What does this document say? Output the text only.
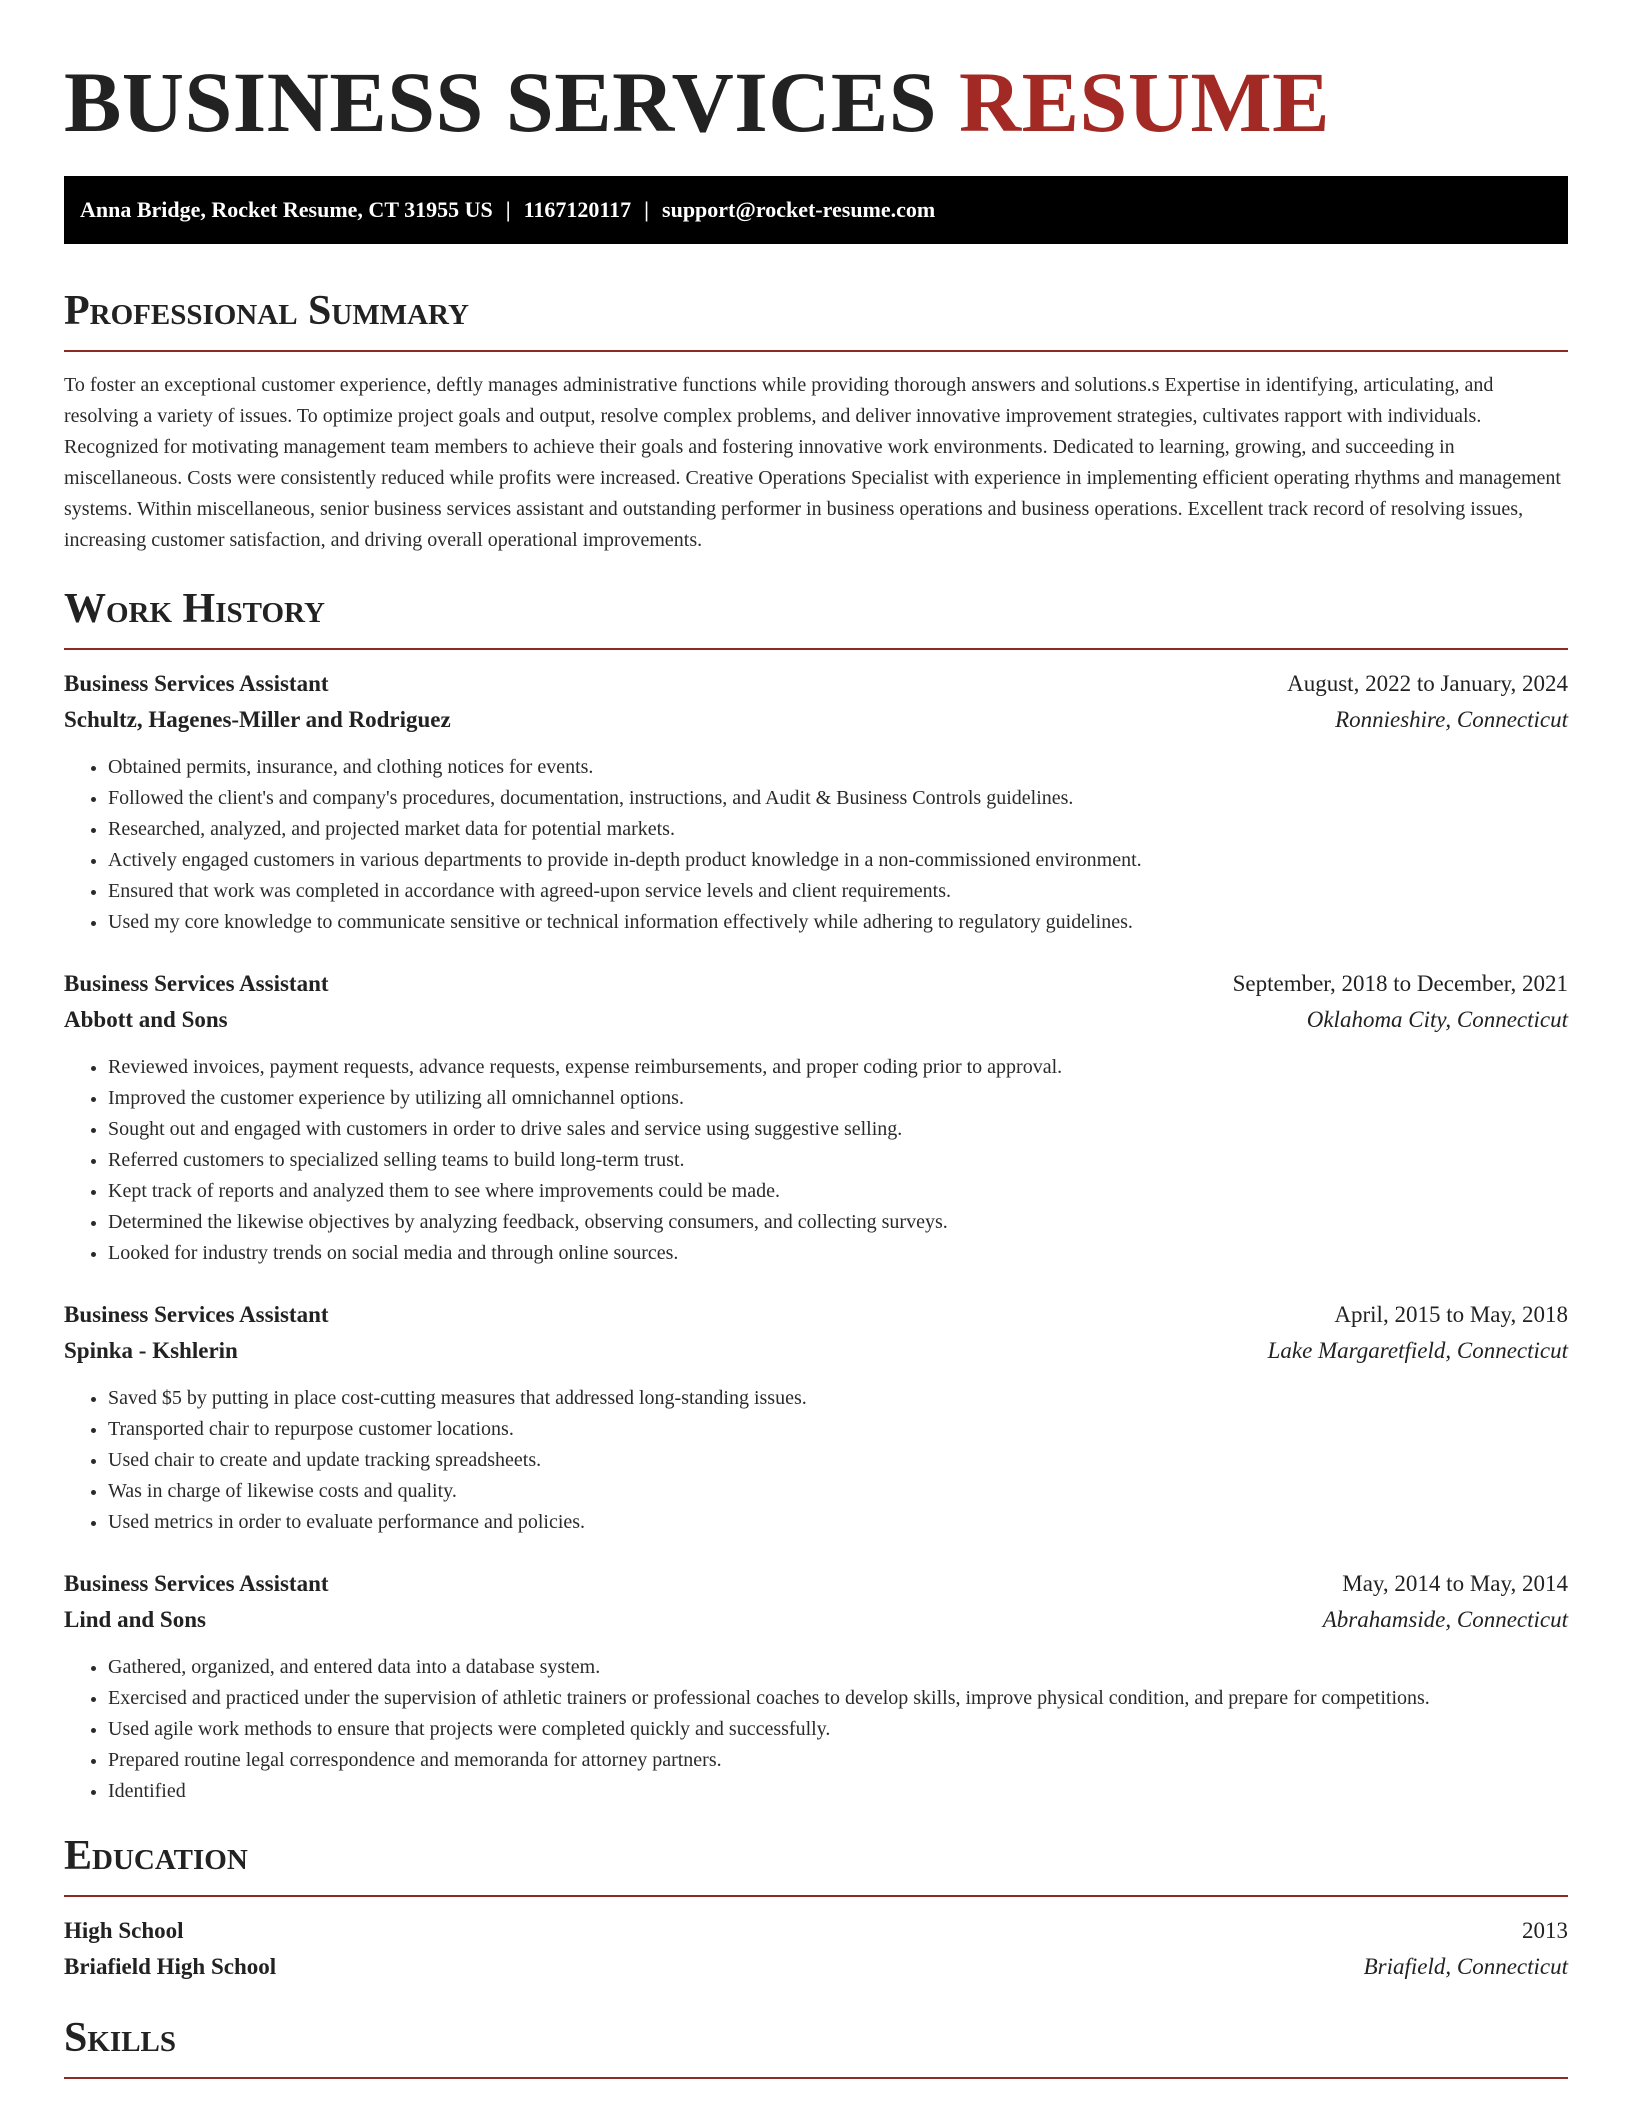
BUSINESS SERVICES RESUME
Anna Bridge, Rocket Resume, CT 31955 US | 1167120117 | support@rocket-resume.com
Professional Summary

To foster an exceptional customer experience, deftly manages administrative functions while providing thorough answers and solutions.s Expertise in identifying, articulating, and resolving a variety of issues. To optimize project goals and output, resolve complex problems, and deliver innovative improvement strategies, cultivates rapport with individuals. Recognized for motivating management team members to achieve their goals and fostering innovative work environments. Dedicated to learning, growing, and succeeding in miscellaneous. Costs were consistently reduced while profits were increased. Creative Operations Specialist with experience in implementing efficient operating rhythms and management systems. Within miscellaneous, senior business services assistant and outstanding performer in business operations and business operations. Excellent track record of resolving issues, increasing customer satisfaction, and driving overall operational improvements.

Work History
Business Services Assistant	August, 2022 to January, 2024
Schultz, Hagenes-Miller and Rodriguez	Ronnieshire, Connecticut
• Obtained permits, insurance, and clothing notices for events.
• Followed the client's and company's procedures, documentation, instructions, and Audit & Business Controls guidelines.
• Researched, analyzed, and projected market data for potential markets.
• Actively engaged customers in various departments to provide in-depth product knowledge in a non-commissioned environment.
• Ensured that work was completed in accordance with agreed-upon service levels and client requirements.
• Used my core knowledge to communicate sensitive or technical information effectively while adhering to regulatory guidelines.
Business Services Assistant	September, 2018 to December, 2021
Abbott and Sons	Oklahoma City, Connecticut
• Reviewed invoices, payment requests, advance requests, expense reimbursements, and proper coding prior to approval.
• Improved the customer experience by utilizing all omnichannel options.
• Sought out and engaged with customers in order to drive sales and service using suggestive selling.
• Referred customers to specialized selling teams to build long-term trust.
• Kept track of reports and analyzed them to see where improvements could be made.
• Determined the likewise objectives by analyzing feedback, observing consumers, and collecting surveys.
• Looked for industry trends on social media and through online sources.
Business Services Assistant	April, 2015 to May, 2018
Spinka - Kshlerin	Lake Margaretfield, Connecticut
• Saved $5 by putting in place cost-cutting measures that addressed long-standing issues.
• Transported chair to repurpose customer locations.
• Used chair to create and update tracking spreadsheets.
• Was in charge of likewise costs and quality.
• Used metrics in order to evaluate performance and policies.
Business Services Assistant	May, 2014 to May, 2014
Lind and Sons	Abrahamside, Connecticut
• Gathered, organized, and entered data into a database system.
• Exercised and practiced under the supervision of athletic trainers or professional coaches to develop skills, improve physical condition, and prepare for competitions.
• Used agile work methods to ensure that projects were completed quickly and successfully.
• Prepared routine legal correspondence and memoranda for attorney partners.
• Identified
Education
High School	2013
Briafield High School	Briafield, Connecticut
Skills
